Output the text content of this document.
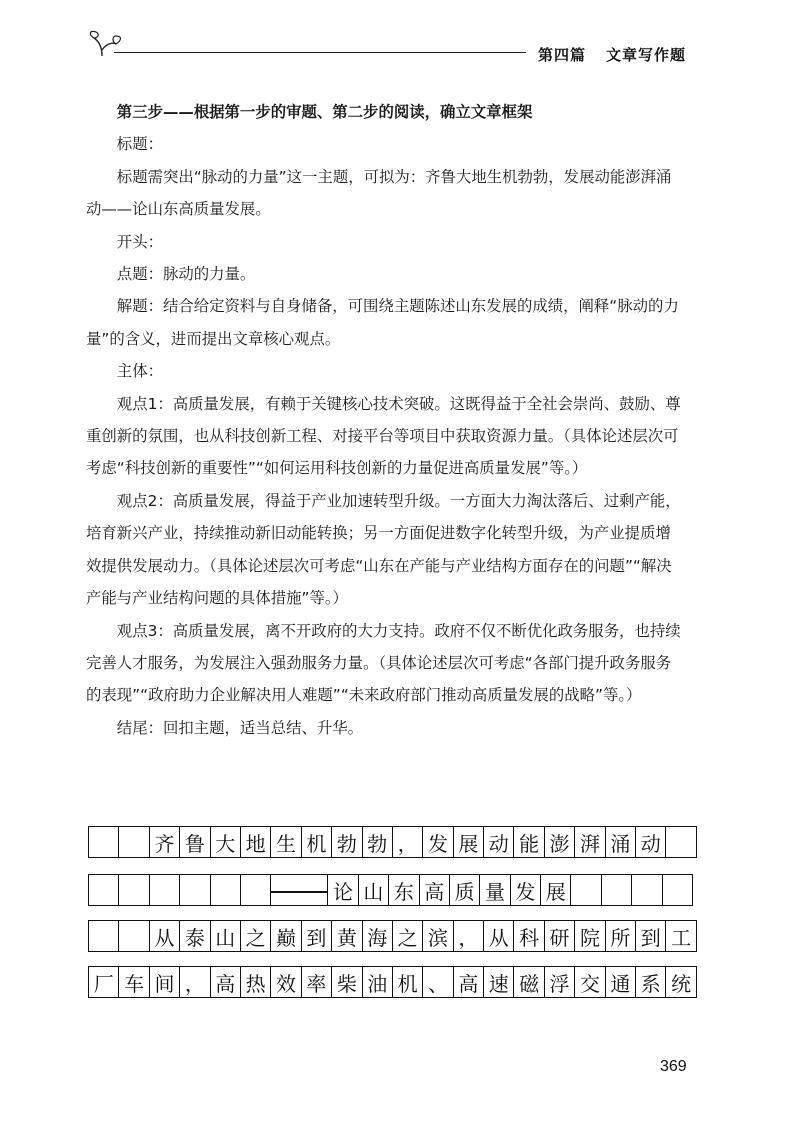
第四篇 文章写作题

第三步——根据第一步的审题、第二步的阅读，确立文章框架

标题：

标题需突出“脉动的力量”这一主题，可拟为：齐鲁大地生机勃勃，发展动能澎湃涌动——论山东高质量发展。

开头：

点题：脉动的力量。

解题：结合给定资料与自身储备，可围绕主题陈述山东发展的成绩，阐释“脉动的力量”的含义，进而提出文章核心观点。

主体：

观点1：高质量发展，有赖于关键核心技术突破。这既得益于全社会崇尚、鼓励、尊重创新的氛围，也从科技创新工程、对接平台等项目中获取资源力量。（具体论述层次可考虑“科技创新的重要性”“如何运用科技创新的力量促进高质量发展”等。）

观点2：高质量发展，得益于产业加速转型升级。一方面大力淘汰落后、过剩产能，培育新兴产业，持续推动新旧动能转换；另一方面促进数字化转型升级，为产业提质增效提供发展动力。（具体论述层次可考虑“山东在产能与产业结构方面存在的问题”“解决产能与产业结构问题的具体措施”等。）

观点3：高质量发展，离不开政府的大力支持。政府不仅不断优化政务服务，也持续完善人才服务，为发展注入强劲服务力量。（具体论述层次可考虑“各部门提升政务服务的表现”“政府助力企业解决用人难题”“未来政府部门推动高质量发展的战略”等。）

结尾：回扣主题，适当总结、升华。

		齐	鲁	大	地	生	机	勃	勃	，	发	展	动	能	澎	湃	涌	动	
							论	山	东	高	质	量	发	展				
		从	泰	山	之	巅	到	黄	海	之	滨	，	从	科	研	院	所	到	工
厂	车	间	，	高	热	效	率	柴	油	机	、	高	速	磁	浮	交	通	系	统
369
